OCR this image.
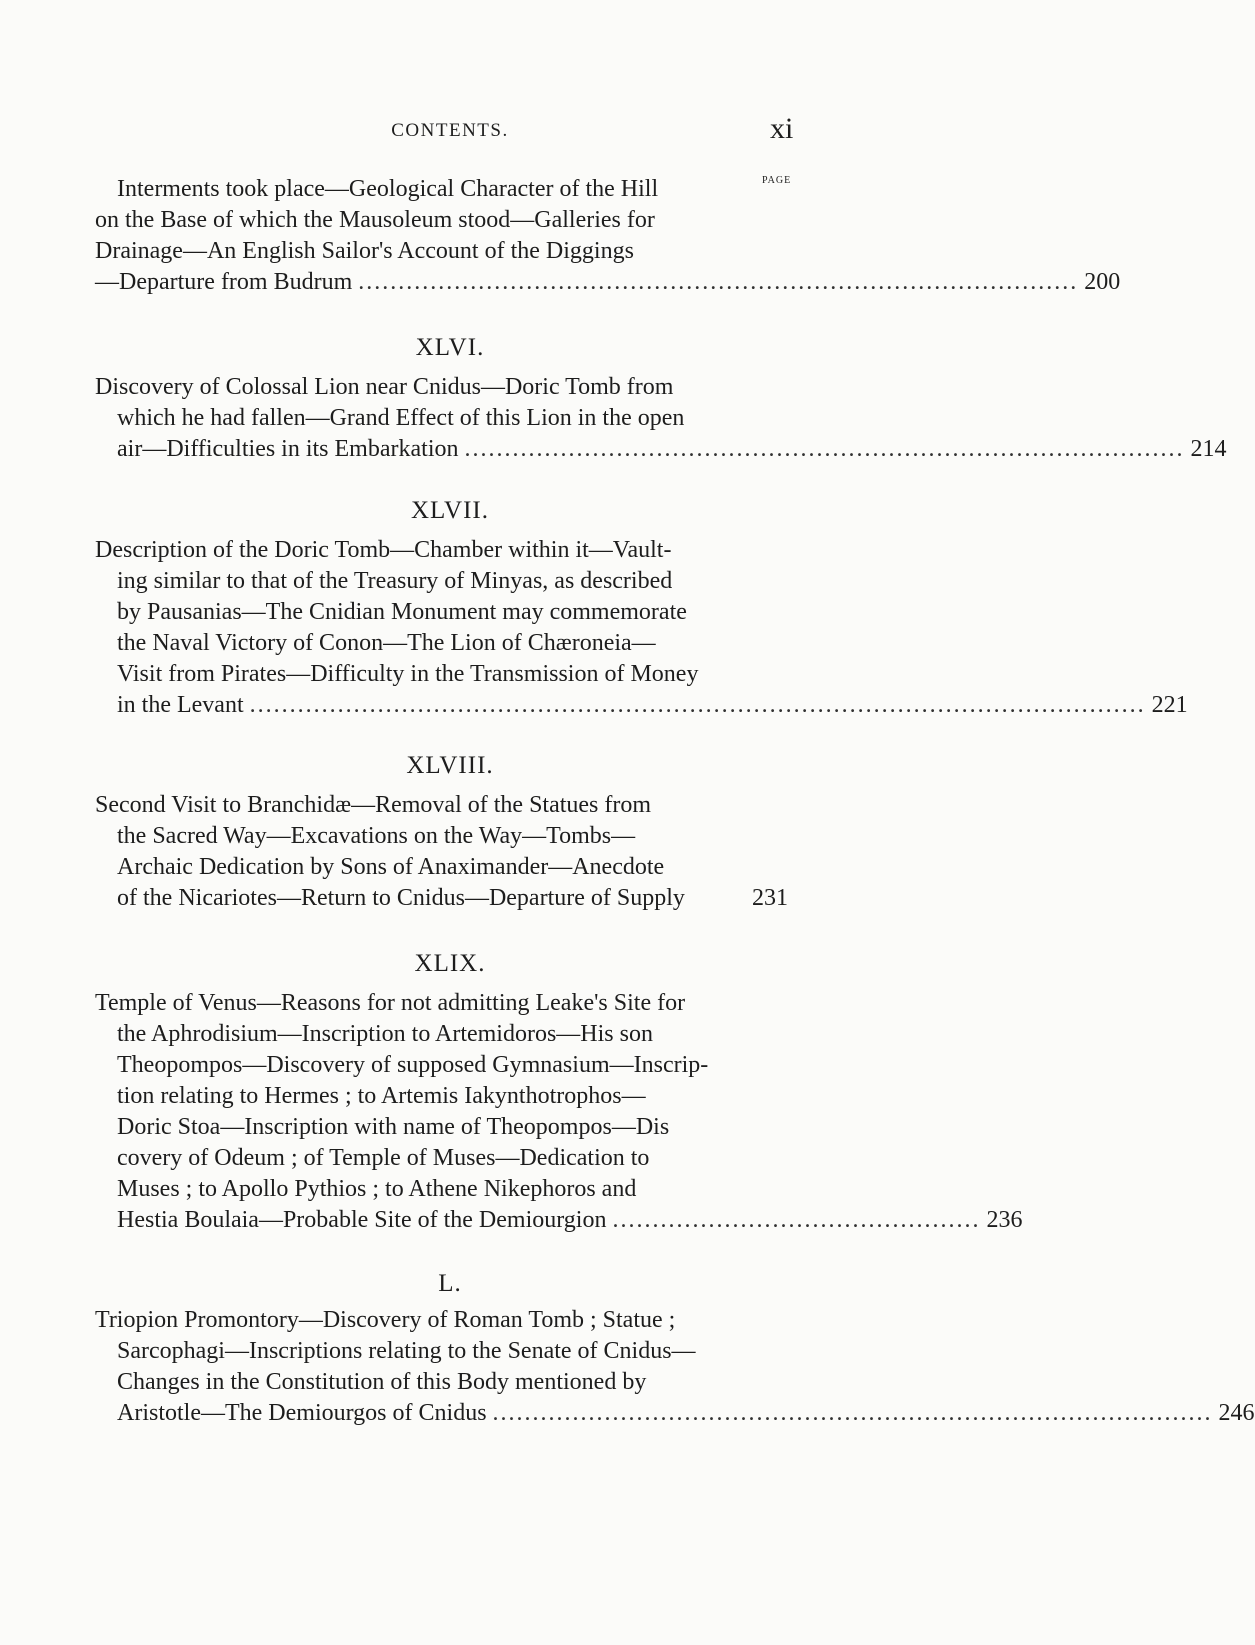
CONTENTS.	xi
PAGE
Interments took place—Geological Character of the Hill
on the Base of which the Mausoleum stood—Galleries for
Drainage—An English Sailor's Account of the Diggings
—Departure from Budrum .......................................................................................... 200
XLVI.
Discovery of Colossal Lion near Cnidus—Doric Tomb from
which he had fallen—Grand Effect of this Lion in the open
air—Difficulties in its Embarkation .......................................................................................... 214
XLVII.
Description of the Doric Tomb—Chamber within it—Vault-
ing similar to that of the Treasury of Minyas, as described
by Pausanias—The Cnidian Monument may commemorate
the Naval Victory of Conon—The Lion of Chæroneia—
Visit from Pirates—Difficulty in the Transmission of Money
in the Levant ................................................................................................................ 221
XLVIII.
Second Visit to Branchidæ—Removal of the Statues from
the Sacred Way—Excavations on the Way—Tombs—
Archaic Dedication by Sons of Anaximander—Anecdote
of the Nicariotes—Return to Cnidus—Departure of Supply	231
XLIX.
Temple of Venus—Reasons for not admitting Leake's Site for
the Aphrodisium—Inscription to Artemidoros—His son
Theopompos—Discovery of supposed Gymnasium—Inscrip-
tion relating to Hermes ; to Artemis Iakynthotrophos—
Doric Stoa—Inscription with name of Theopompos—Dis
covery of Odeum ; of Temple of Muses—Dedication to
Muses ; to Apollo Pythios ; to Athene Nikephoros and
Hestia Boulaia—Probable Site of the Demiourgion .............................................. 236
L.
Triopion Promontory—Discovery of Roman Tomb ; Statue ;
Sarcophagi—Inscriptions relating to the Senate of Cnidus—
Changes in the Constitution of this Body mentioned by
Aristotle—The Demiourgos of Cnidus .......................................................................................... 246
